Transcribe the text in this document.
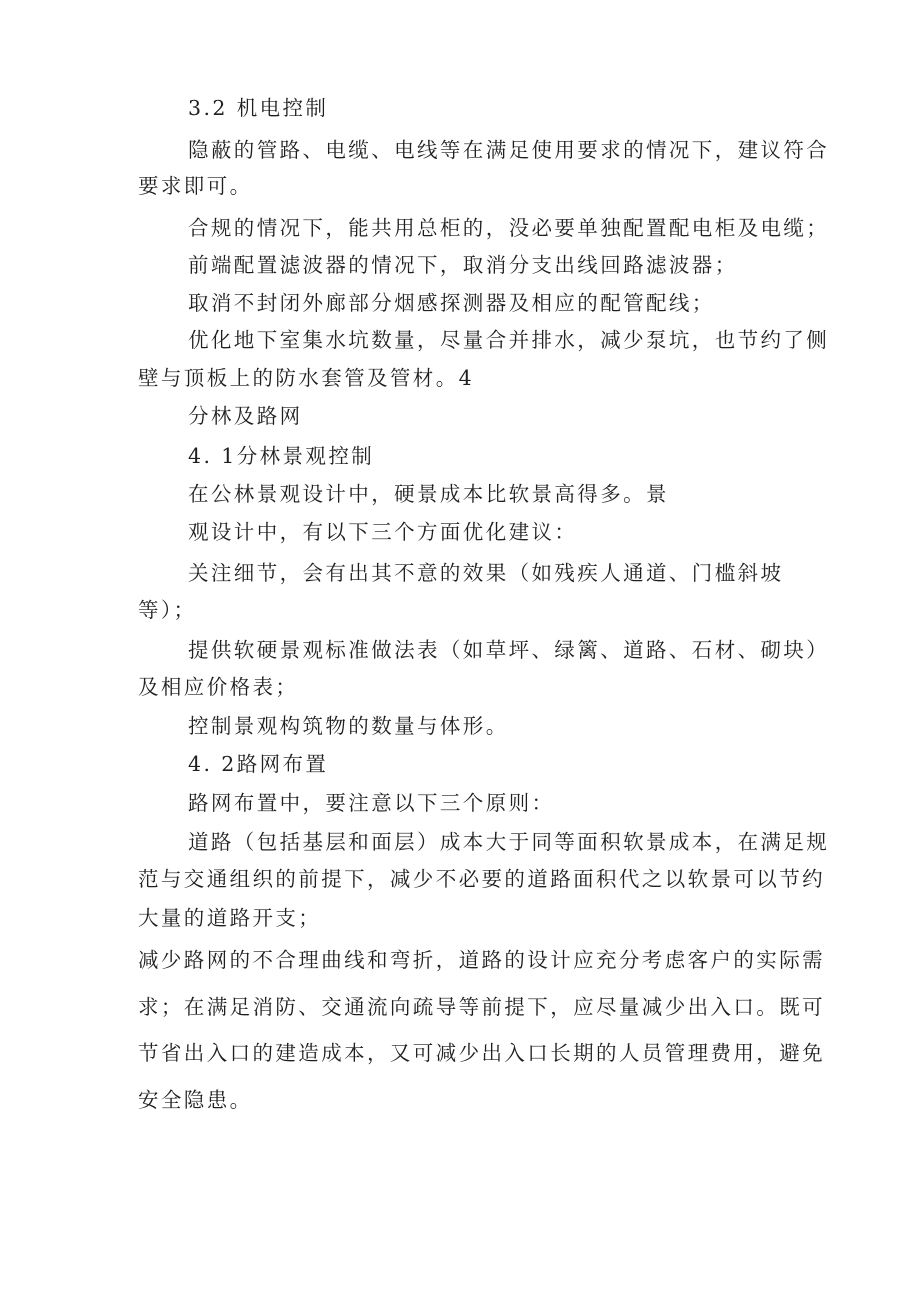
3.2 机电控制
隐蔽的管路、电缆、电线等在满足使用要求的情况下，建议符合
要求即可。
合规的情况下，能共用总柜的，没必要单独配置配电柜及电缆；
前端配置滤波器的情况下，取消分支出线回路滤波器；
取消不封闭外廊部分烟感探测器及相应的配管配线；
优化地下室集水坑数量，尽量合并排水，减少泵坑，也节约了侧
壁与顶板上的防水套管及管材。4
分林及路网
4. 1分林景观控制
在公林景观设计中，硬景成本比软景高得多。景
观设计中，有以下三个方面优化建议：
关注细节，会有出其不意的效果（如残疾人通道、门槛斜坡
等）；
提供软硬景观标准做法表（如草坪、绿篱、道路、石材、砌块）
及相应价格表；
控制景观构筑物的数量与体形。
4. 2路网布置
路网布置中，要注意以下三个原则：
道路（包括基层和面层）成本大于同等面积软景成本，在满足规
范与交通组织的前提下，减少不必要的道路面积代之以软景可以节约
大量的道路开支；
减少路网的不合理曲线和弯折，道路的设计应充分考虑客户的实际需
求；在满足消防、交通流向疏导等前提下，应尽量减少出入口。既可
节省出入口的建造成本，又可减少出入口长期的人员管理费用，避免
安全隐患。
